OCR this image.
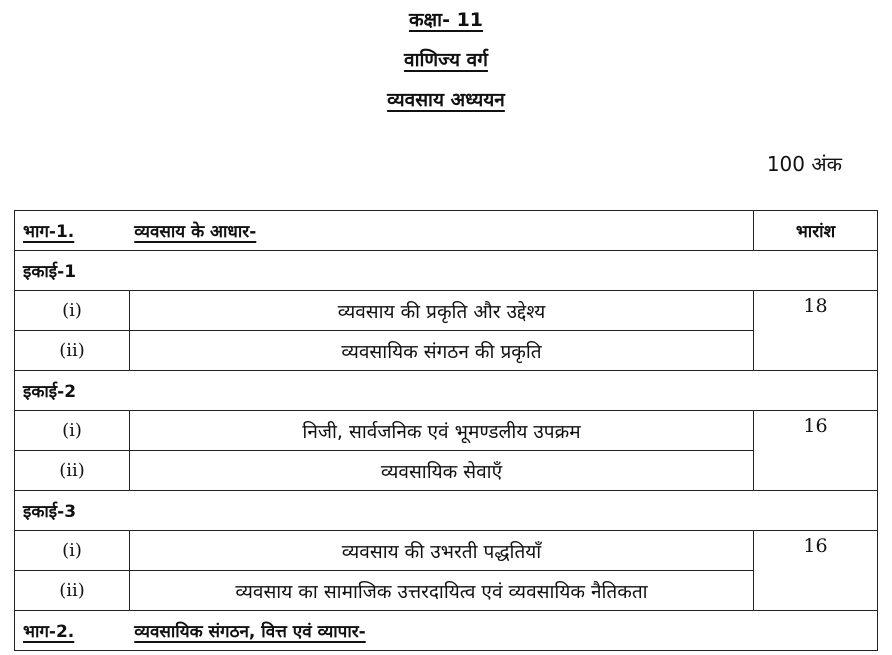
कक्षा- 11
वाणिज्य वर्ग
व्यवसाय अध्ययन
100 अंक
भाग-1. व्यवसाय के आधार-		भारांश
इकाई-1		
(i)	व्यवसाय की प्रकृति और उद्देश्य	18
(ii)	व्यवसायिक संगठन की प्रकृति	
इकाई-2		
(i)	निजी, सार्वजनिक एवं भूमण्डलीय उपक्रम	16
(ii)	व्यवसायिक सेवाएँ	
इकाई-3		
(i)	व्यवसाय की उभरती पद्धतियाँ	16
(ii)	व्यवसाय का सामाजिक उत्तरदायित्व एवं व्यवसायिक नैतिकता	
भाग-2. व्यवसायिक संगठन, वित्त एवं व्यापार-		
